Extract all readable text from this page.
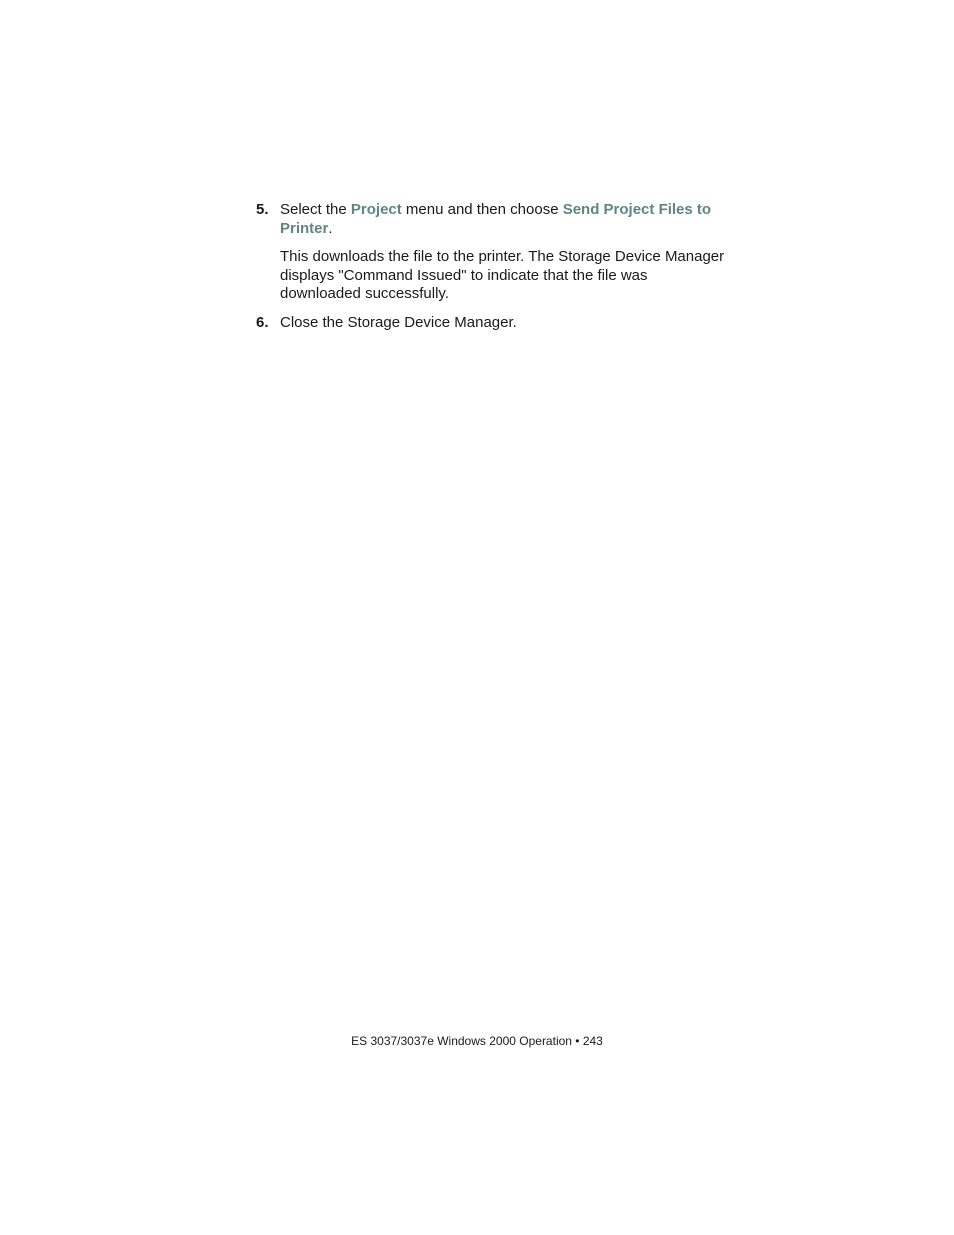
5. Select the Project menu and then choose Send Project Files to Printer.
This downloads the file to the printer. The Storage Device Manager displays "Command Issued" to indicate that the file was downloaded successfully.
6. Close the Storage Device Manager.
ES 3037/3037e Windows 2000 Operation • 243
